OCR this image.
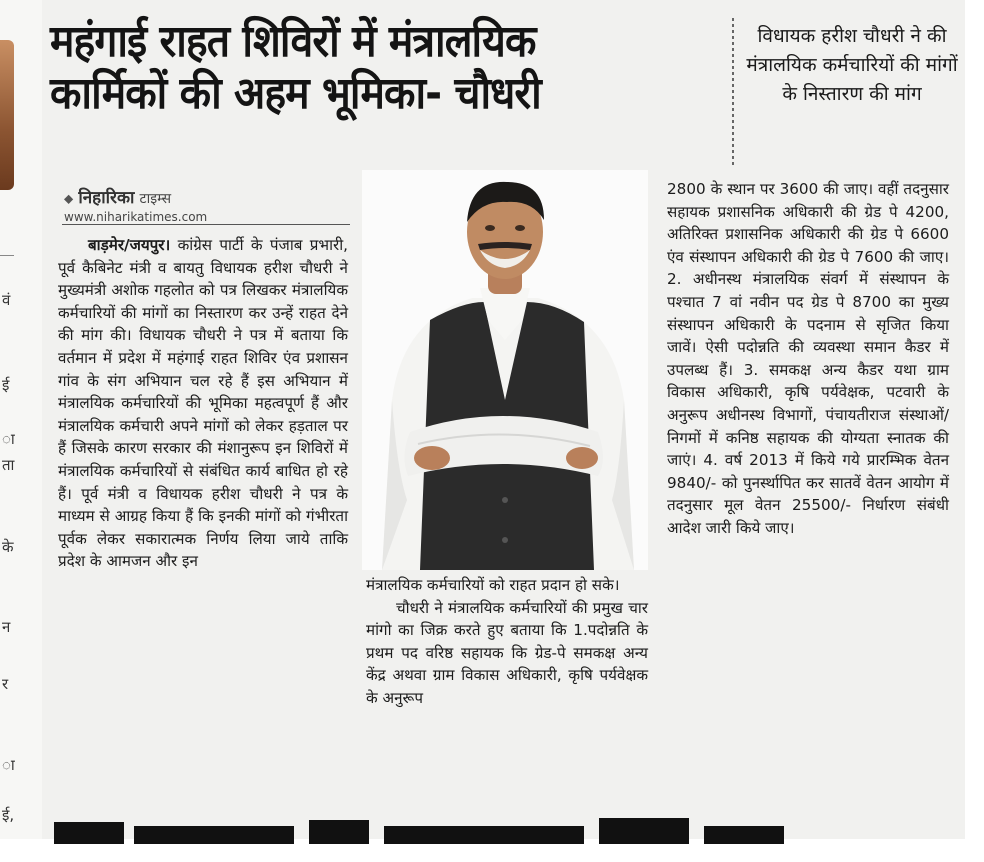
वं
ई
ा
ता
के
न
र
ा
ई,
महंगाई राहत शिविरों में मंत्रालयिक
कार्मिकों की अहम भूमिका- चौधरी
विधायक हरीश चौधरी ने की मंत्रालयिक कर्मचारियों की मांगों के निस्तारण की मांग
◆ निहारिका टाइम्स
www.niharikatimes.com

बाड़मेर/जयपुर। कांग्रेस पार्टी के पंजाब प्रभारी, पूर्व कैबिनेट मंत्री व बायतु विधायक हरीश चौधरी ने मुख्यमंत्री अशोक गहलोत को पत्र लिखकर मंत्रालयिक कर्मचारियों की मांगों का निस्तारण कर उन्हें राहत देने की मांग की। विधायक चौधरी ने पत्र में बताया कि वर्तमान में प्रदेश में महंगाई राहत शिविर एंव प्रशासन गांव के संग अभियान चल रहे हैं इस अभियान में मंत्रालयिक कर्मचारियों की भूमिका महत्वपूर्ण हैं और मंत्रालयिक कर्मचारी अपने मांगों को लेकर हड़ताल पर हैं जिसके कारण सरकार की मंशानुरूप इन शिविरों में मंत्रालयिक कर्मचारियों से संबंधित कार्य बाधित हो रहे हैं। पूर्व मंत्री व विधायक हरीश चौधरी ने पत्र के माध्यम से आग्रह किया हैं कि इनकी मांगों को गंभीरता पूर्वक लेकर सकारात्मक निर्णय लिया जाये ताकि प्रदेश के आमजन और इन

मंत्रालयिक कर्मचारियों को राहत प्रदान हो सके।

चौधरी ने मंत्रालयिक कर्मचारियों की प्रमुख चार मांगो का जिक्र करते हुए बताया कि 1.पदोन्नति के प्रथम पद वरिष्ठ सहायक कि ग्रेड-पे समकक्ष अन्य केंद्र अथवा ग्राम विकास अधिकारी, कृषि पर्यवेक्षक के अनुरूप

2800 के स्थान पर 3600 की जाए। वहीं तदनुसार सहायक प्रशासनिक अधिकारी की ग्रेड पे 4200, अतिरिक्त प्रशासनिक अधिकारी की ग्रेड पे 6600 एंव संस्थापन अधिकारी की ग्रेड पे 7600 की जाए। 2. अधीनस्थ मंत्रालयिक संवर्ग में संस्थापन के पश्चात 7 वां नवीन पद ग्रेड पे 8700 का मुख्य संस्थापन अधिकारी के पदनाम से सृजित किया जावें। ऐसी पदोन्नति की व्यवस्था समान कैडर में उपलब्ध हैं। 3. समकक्ष अन्य कैडर यथा ग्राम विकास अधिकारी, कृषि पर्यवेक्षक, पटवारी के अनुरूप अधीनस्थ विभागों, पंचायतीराज संस्थाओं/निगमों में कनिष्ठ सहायक की योग्यता स्नातक की जाएं। 4. वर्ष 2013 में किये गये प्रारम्भिक वेतन 9840/- को पुनर्स्थापित कर सातवें वेतन आयोग में तदनुसार मूल वेतन 25500/- निर्धारण संबंधी आदेश जारी किये जाए।
